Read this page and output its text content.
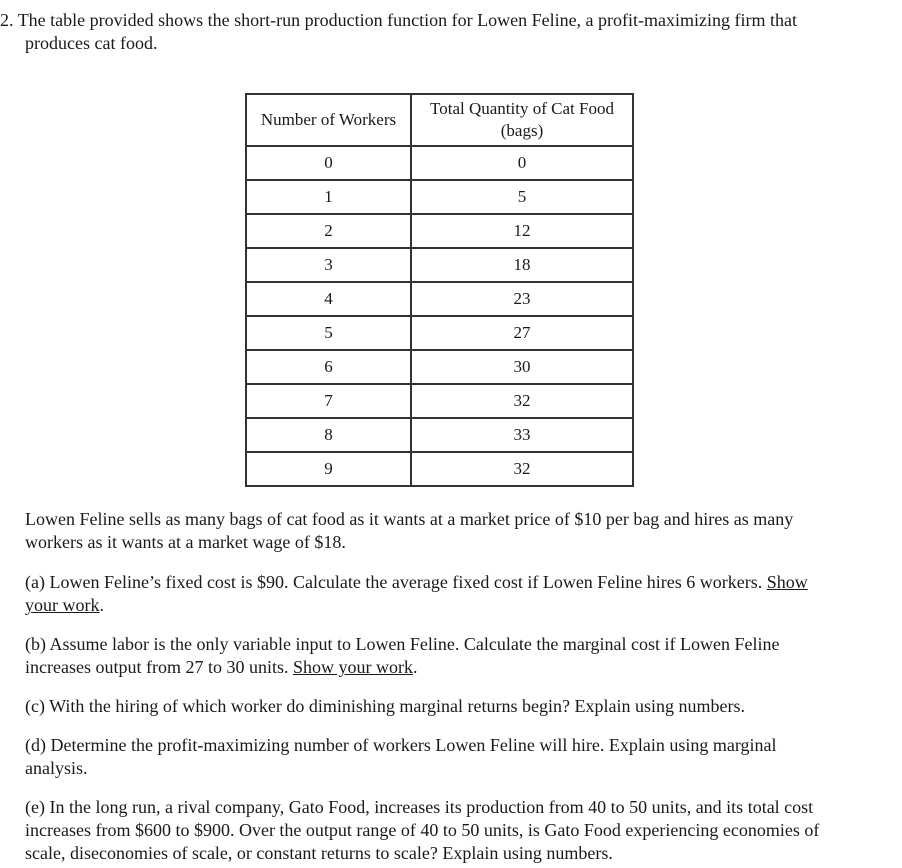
2. The table provided shows the short-run production function for Lowen Feline, a profit-maximizing firm that
produces cat food.
Number of Workers	Total Quantity of Cat Food
(bags)
0	0
1	5
2	12
3	18
4	23
5	27
6	30
7	32
8	33
9	32
Lowen Feline sells as many bags of cat food as it wants at a market price of $10 per bag and hires as many
workers as it wants at a market wage of $18.
(a) Lowen Feline’s fixed cost is $90. Calculate the average fixed cost if Lowen Feline hires 6 workers. Show
your work.
(b) Assume labor is the only variable input to Lowen Feline. Calculate the marginal cost if Lowen Feline
increases output from 27 to 30 units. Show your work.
(c) With the hiring of which worker do diminishing marginal returns begin? Explain using numbers.
(d) Determine the profit-maximizing number of workers Lowen Feline will hire. Explain using marginal
analysis.
(e) In the long run, a rival company, Gato Food, increases its production from 40 to 50 units, and its total cost
increases from $600 to $900. Over the output range of 40 to 50 units, is Gato Food experiencing economies of
scale, diseconomies of scale, or constant returns to scale? Explain using numbers.
